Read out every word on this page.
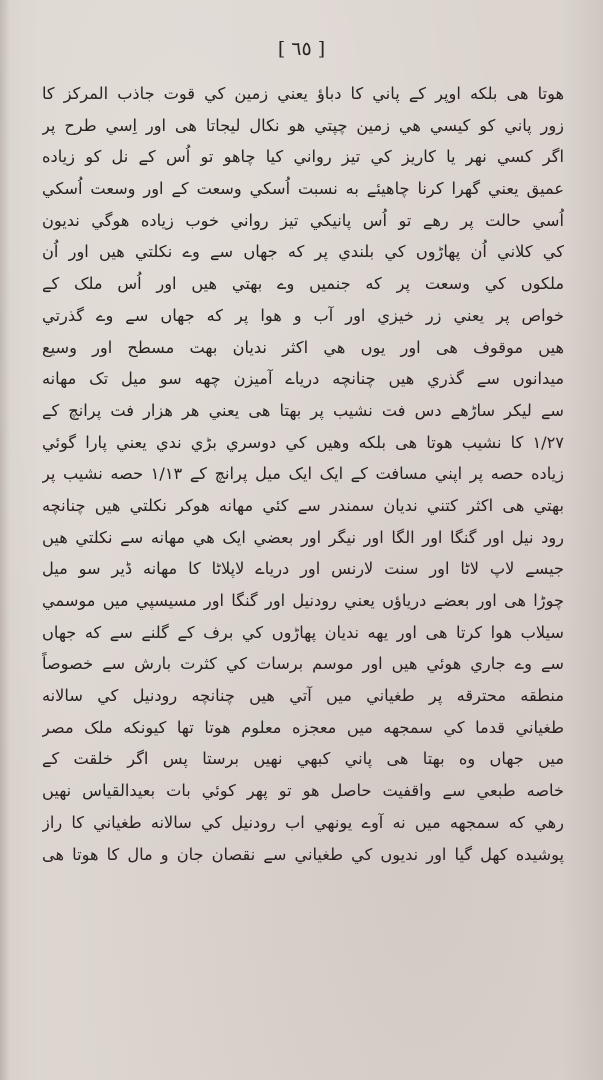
[ ٦٥ ]
هوتا هی بلكه اوپر كے پاني كا دباؤ يعني زمين كي قوت جاذب المركز كا
زور پاني كو كيسي هي زمين چپتي هو نكال ليجاتا هی اور اِسي طرح پر
اگر كسي نهر يا كاريز كي تيز رواني كيا چاهو تو اُس كے نل كو زياده
عميق يعني گهرا كرنا چاهيئے به نسبت اُسكي وسعت كے اور وسعت اُسكي
اُسي حالت پر رهے تو اُس پانيكي تيز رواني خوب زياده هوگي ندیون
كي كلاني اُن پهاڑوں كي بلندي پر كه جهاں سے وے نكلتي هيں اور اُن
ملكوں كي وسعت پر كه جنميں وے بهتي هيں اور اُس ملک كے
خواص پر يعني زر خيزي اور آب و هوا پر كه جهاں سے وے گذرتي
هيں موقوف هی اور يوں هي اكثر نديان بهت مسطح اور وسيع
ميدانوں سے گذري هيں چنانچه درياے آميزن چهه سو ميل تک مهانه
سے ليكر ساڑهے دس فت نشيب پر بهتا هی يعني هر هزار فت پرانچ كے
۱/۲۷ كا نشيب هوتا هی بلكه وهيں كي دوسري بڑي ندي يعني پارا گوئي
زياده حصه پر اپني مسافت كے ايک ايک ميل پرانچ كے ۱/۱۳ حصه نشيب پر
بهتي هی اكثر كتني نديان سمندر سے كئي مهانه هوكر نكلتي هيں چنانچه
رود نيل اور گنگا اور الگا اور نيگر اور بعضي ايک هي مهانه سے نكلتي هيں
جيسے لاپ لاٹا اور سنت لارنس اور درياے لاپلاٹا كا مهانه ڈير سو ميل
چوڑا هی اور بعضے درياؤں يعني رودنيل اور گنگا اور مسيسپي ميں موسمي
سيلاب هوا كرتا هی اور يهه نديان پهاڑوں كي برف كے گلنے سے كه جهاں
سے وے جاري هوئي هيں اور موسم برسات كي كثرت بارش سے خصوصاً
منطقه محترقه پر طغياني ميں آتي هيں چنانچه رودنيل كي سالانه
طغياني قدما كي سمجهه ميں معجزه معلوم هوتا تها كيونكه ملک مصر
ميں جهاں وه بهتا هی پاني كبهي نهيں برستا پس اگر خلقت كے
خاصه طبعي سے واقفيت حاصل هو تو پهر كوئي بات بعيدالقياس نهيں
رهي كه سمجهه ميں نه آوے يونهي اب رودنيل كي سالانه طغياني كا راز
پوشيده كهل گيا اور نديوں كي طغياني سے نقصان جان و مال كا هوتا هی
